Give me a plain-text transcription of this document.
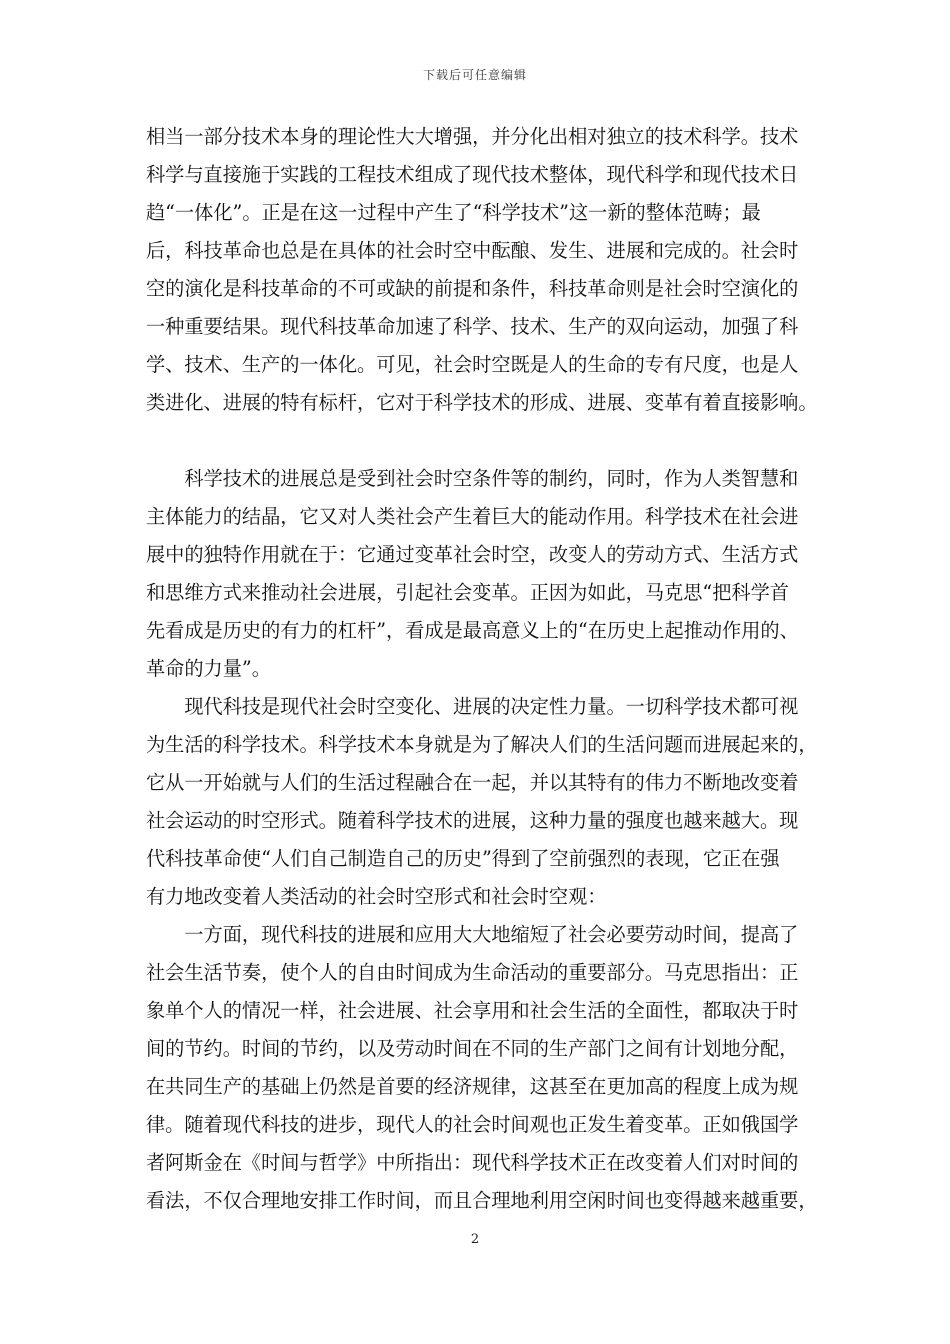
下载后可任意编辑
相当一部分技术本身的理论性大大增强，并分化出相对独立的技术科学。技术
科学与直接施于实践的工程技术组成了现代技术整体，现代科学和现代技术日
趋“一体化”。正是在这一过程中产生了“科学技术”这一新的整体范畴；最
后，科技革命也总是在具体的社会时空中酝酿、发生、进展和完成的。社会时
空的演化是科技革命的不可或缺的前提和条件，科技革命则是社会时空演化的
一种重要结果。现代科技革命加速了科学、技术、生产的双向运动，加强了科
学、技术、生产的一体化。可见，社会时空既是人的生命的专有尺度，也是人
类进化、进展的特有标杆，它对于科学技术的形成、进展、变革有着直接影响。
　　科学技术的进展总是受到社会时空条件等的制约，同时，作为人类智慧和
主体能力的结晶，它又对人类社会产生着巨大的能动作用。科学技术在社会进
展中的独特作用就在于：它通过变革社会时空，改变人的劳动方式、生活方式
和思维方式来推动社会进展，引起社会变革。正因为如此，马克思“把科学首
先看成是历史的有力的杠杆”，看成是最高意义上的“在历史上起推动作用的、
革命的力量”。
　　现代科技是现代社会时空变化、进展的决定性力量。一切科学技术都可视
为生活的科学技术。科学技术本身就是为了解决人们的生活问题而进展起来的，
它从一开始就与人们的生活过程融合在一起，并以其特有的伟力不断地改变着
社会运动的时空形式。随着科学技术的进展，这种力量的强度也越来越大。现
代科技革命使“人们自己制造自己的历史”得到了空前强烈的表现，它正在强
有力地改变着人类活动的社会时空形式和社会时空观：
　　一方面，现代科技的进展和应用大大地缩短了社会必要劳动时间，提高了
社会生活节奏，使个人的自由时间成为生命活动的重要部分。马克思指出：正
象单个人的情况一样，社会进展、社会享用和社会生活的全面性，都取决于时
间的节约。时间的节约，以及劳动时间在不同的生产部门之间有计划地分配，
在共同生产的基础上仍然是首要的经济规律，这甚至在更加高的程度上成为规
律。随着现代科技的进步，现代人的社会时间观也正发生着变革。正如俄国学
者阿斯金在《时间与哲学》中所指出：现代科学技术正在改变着人们对时间的
看法，不仅合理地安排工作时间，而且合理地利用空闲时间也变得越来越重要，
2
